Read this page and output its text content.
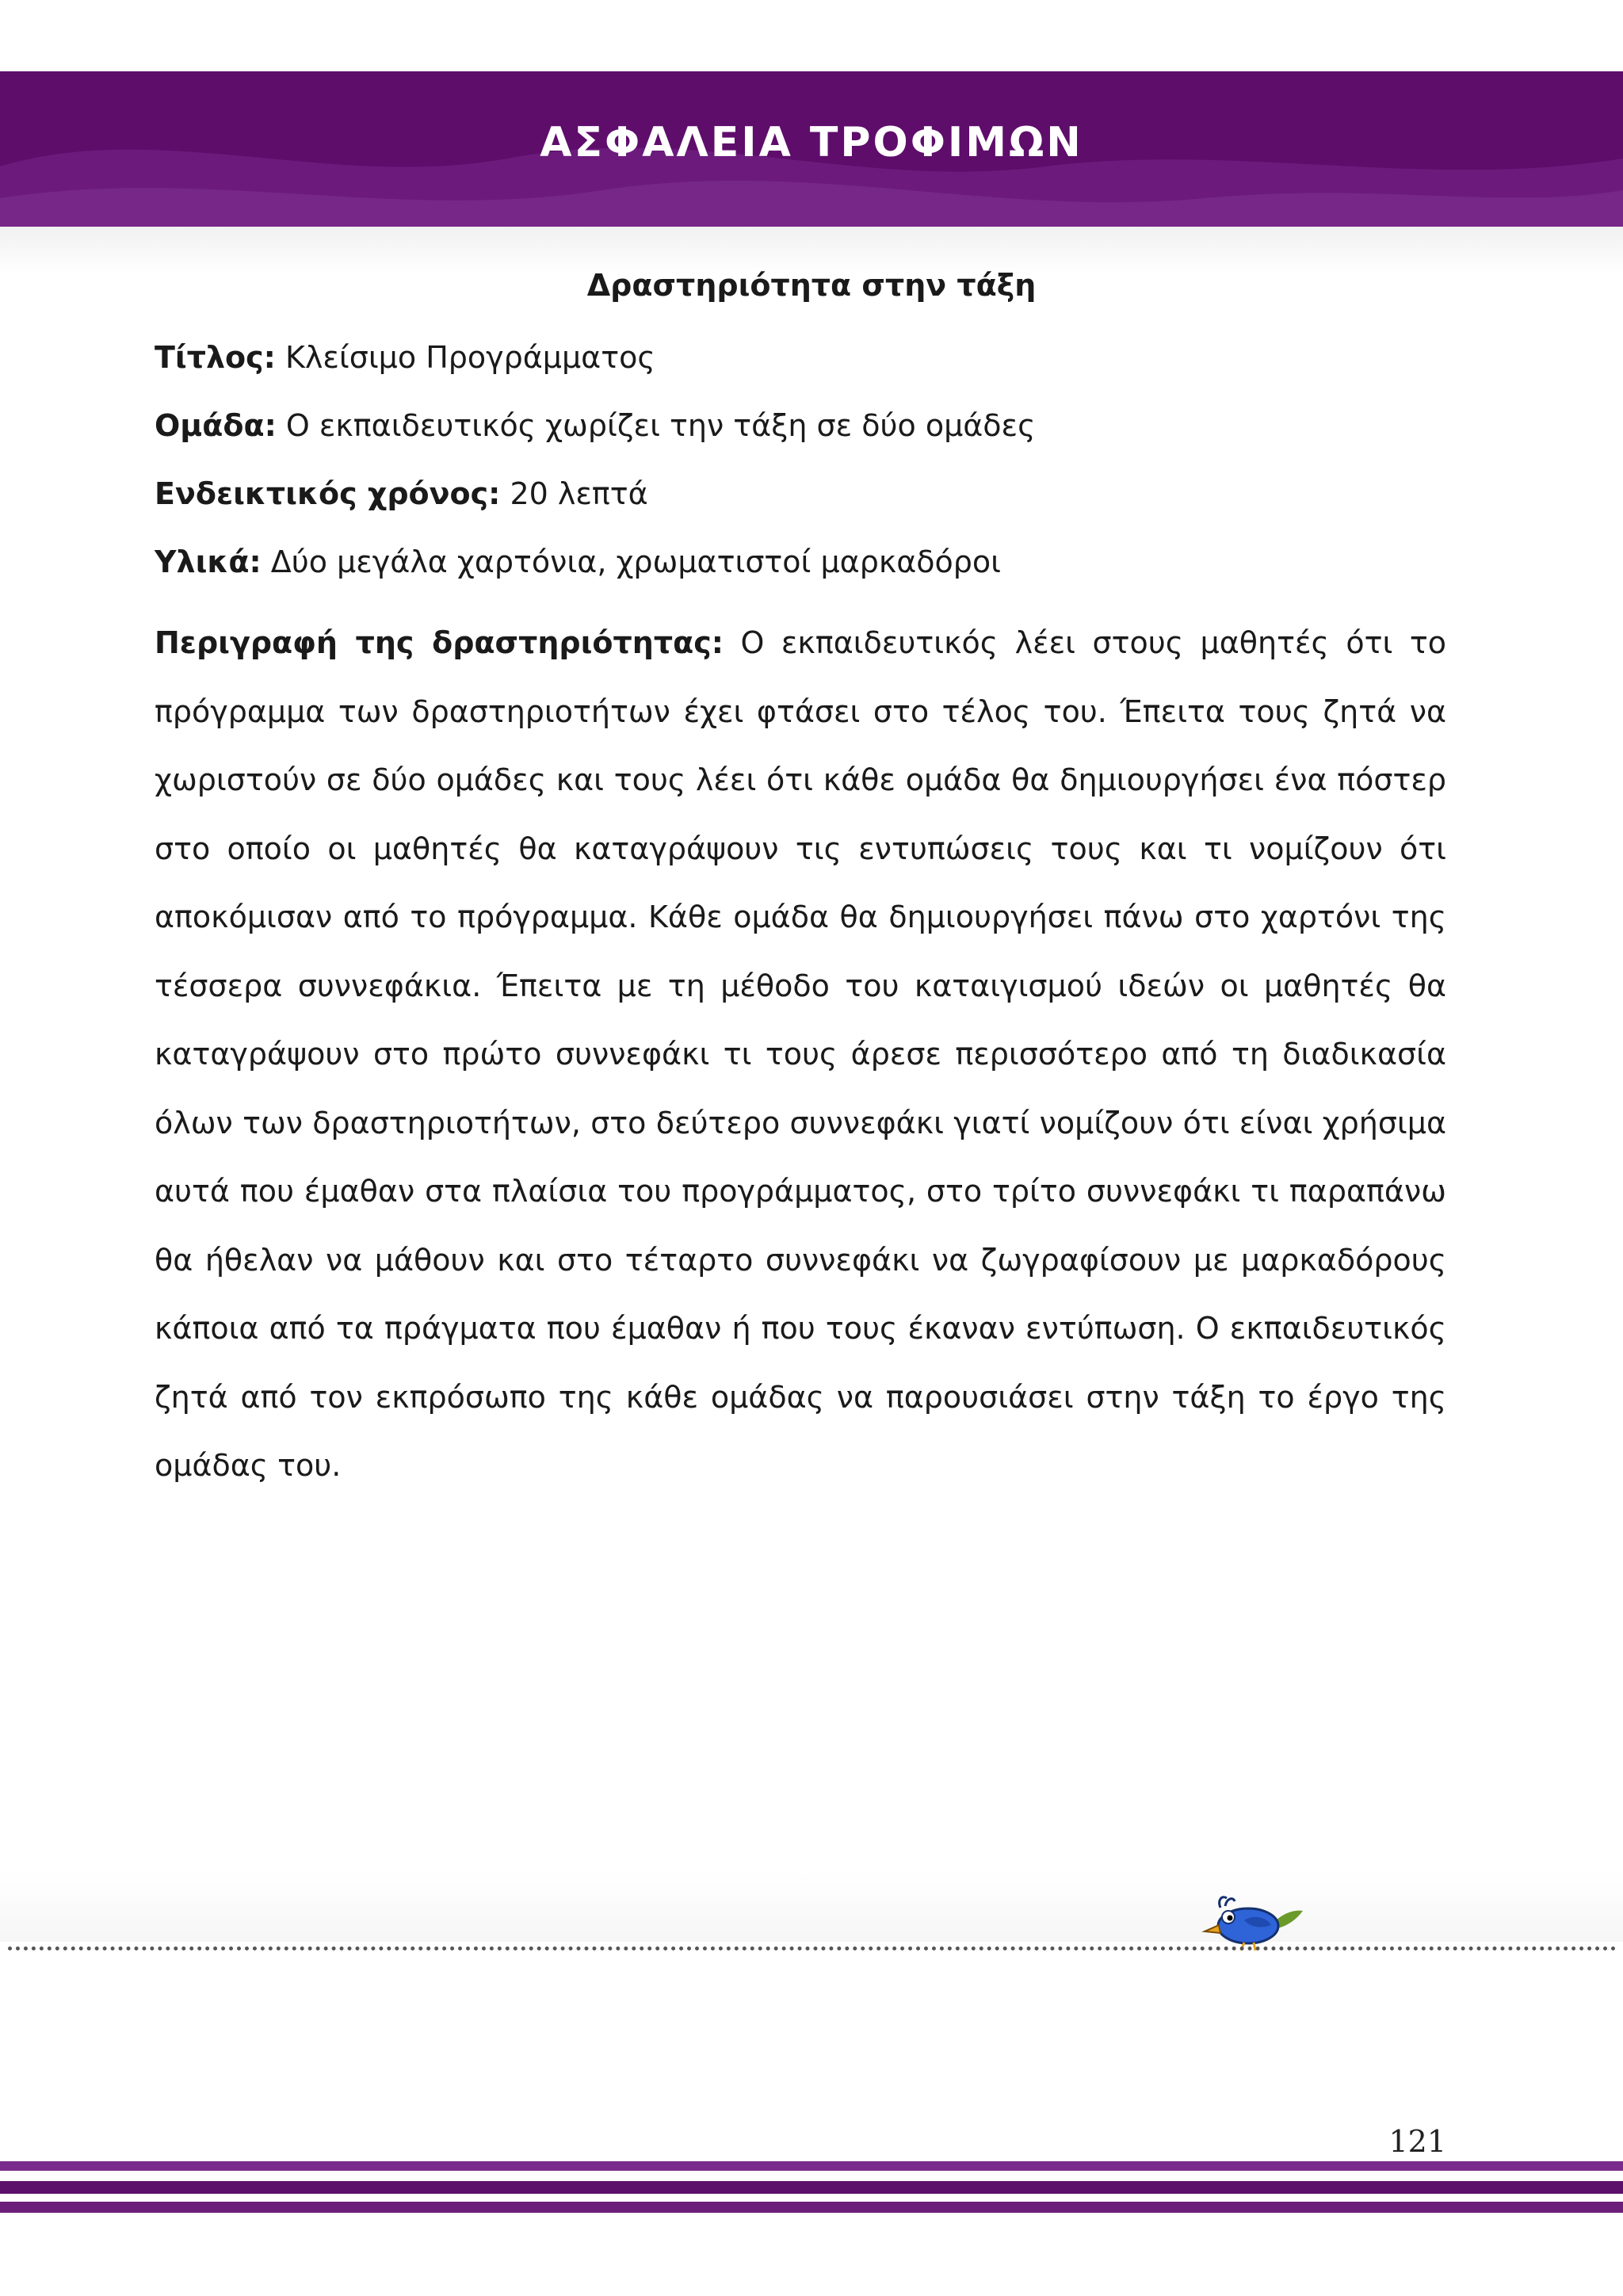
ΑΣΦΑΛΕΙΑ ΤΡΟΦΙΜΩΝ
Δραστηριότητα στην τάξη
Τίτλος: Κλείσιμο Προγράμματος
Ομάδα: Ο εκπαιδευτικός χωρίζει την τάξη σε δύο ομάδες
Ενδεικτικός χρόνος: 20 λεπτά
Υλικά: Δύο μεγάλα χαρτόνια, χρωματιστοί μαρκαδόροι
Περιγραφή της δραστηριότητας: Ο εκπαιδευτικός λέει στους μαθητές ότι το πρόγραμμα των δραστηριοτήτων έχει φτάσει στο τέλος του. Έπειτα τους ζητά να χωριστούν σε δύο ομάδες και τους λέει ότι κάθε ομάδα θα δημιουργήσει ένα πόστερ στο οποίο οι μαθητές θα καταγράψουν τις εντυπώσεις τους και τι νομίζουν ότι αποκόμισαν από το πρόγραμμα. Κάθε ομάδα θα δημιουργήσει πάνω στο χαρτόνι της τέσσερα συννεφάκια. Έπειτα με τη μέθοδο του καταιγισμού ιδεών οι μαθητές θα καταγράψουν στο πρώτο συννεφάκι τι τους άρεσε περισσότερο από τη διαδικασία όλων των δραστηριοτήτων, στο δεύτερο συννεφάκι γιατί νομίζουν ότι είναι χρήσιμα αυτά που έμαθαν στα πλαίσια του προγράμματος, στο τρίτο συννεφάκι τι παραπάνω θα ήθελαν να μάθουν και στο τέταρτο συννεφάκι να ζωγραφίσουν με μαρκαδόρους κάποια από τα πράγματα που έμαθαν ή που τους έκαναν εντύπωση. Ο εκπαιδευτικός ζητά από τον εκπρόσωπο της κάθε ομάδας να παρουσιάσει στην τάξη το έργο της ομάδας του.
121
